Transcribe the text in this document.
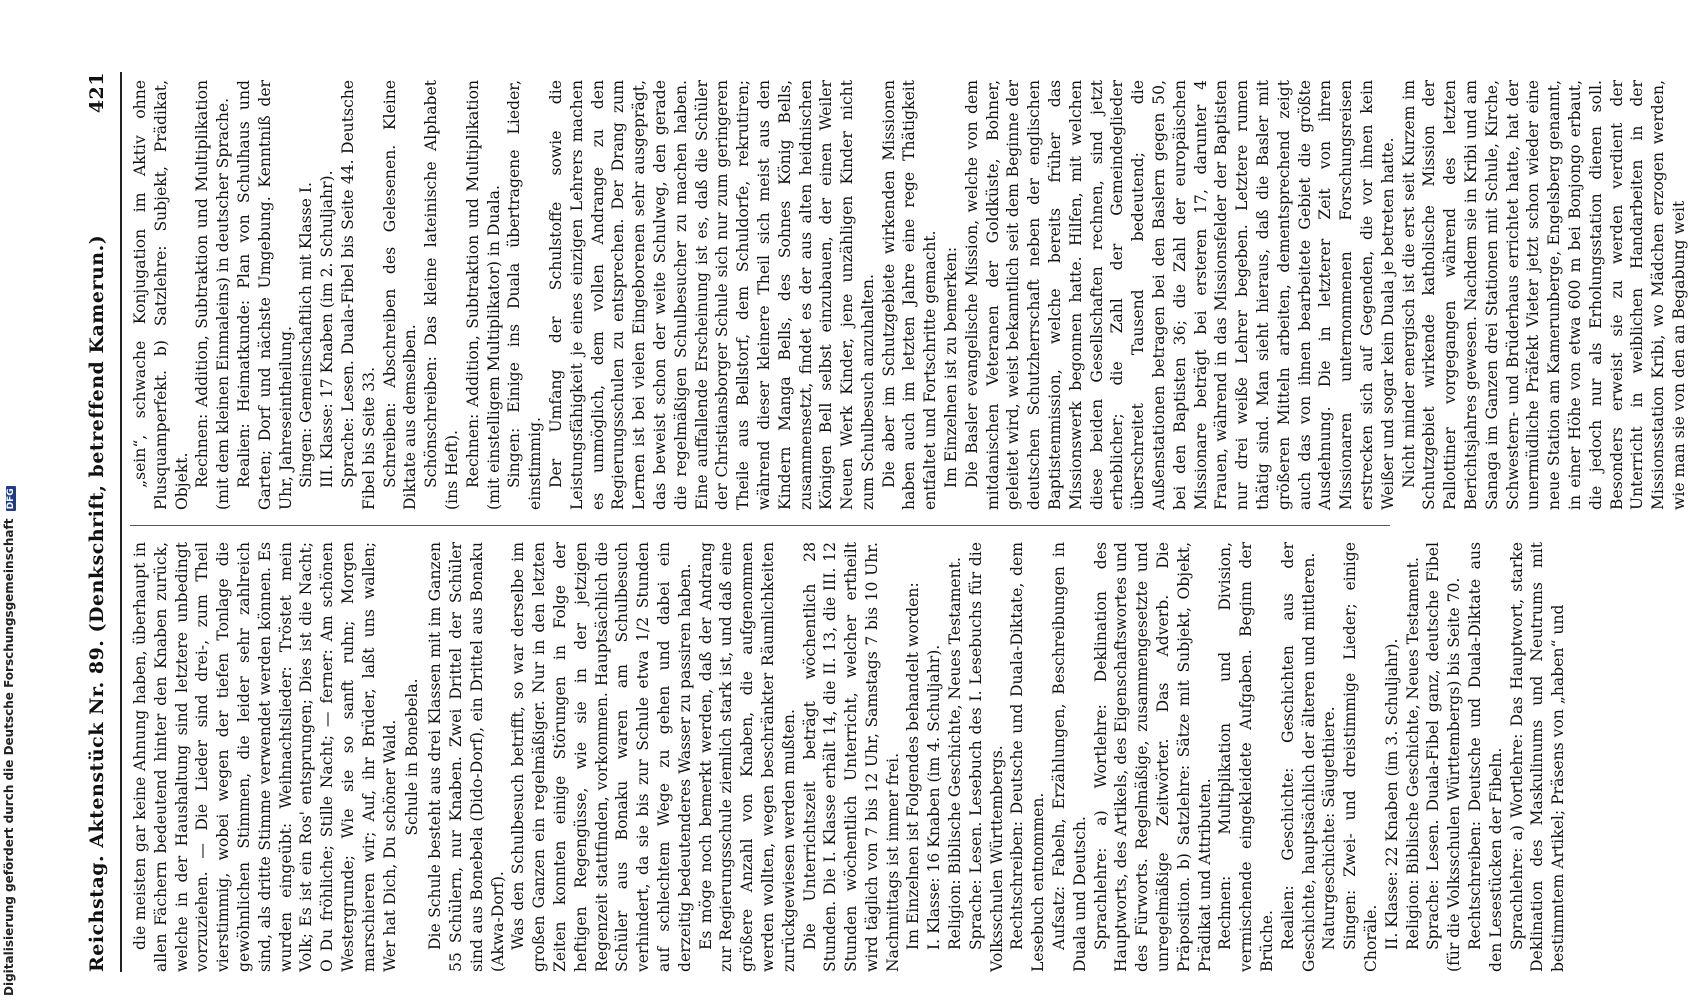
Reichstag. Aktenstück Nr. 89. (Denkschrift, betreffend Kamerun.)
421

die meisten gar keine Ahnung haben, überhaupt in allen Fächern bedeutend hinter den Knaben zurück, welche in der Haushaltung sind letztere unbedingt vorzuziehen. — Die Lieder sind drei-, zum Theil vierstimmig, wobei wegen der tiefen Tonlage die gewöhnlichen Stimmen, die leider sehr zahlreich sind, als dritte Stimme verwendet werden können. Es wurden eingeübt: Weihnachtslieder: Tröstet mein Volk; Es ist ein Ros' entsprungen; Dies ist die Nacht; O Du fröhliche; Stille Nacht; — ferner: Am schönen Westergrunde; Wie sie so sanft ruhn; Morgen marschieren wir; Auf, ihr Brüder, laßt uns wallen; Wer hat Dich, Du schöner Wald. Schule in Bonebela. Die Schule besteht aus drei Klassen mit im Ganzen 55 Schülern, nur Knaben. Zwei Drittel der Schüler sind aus Bonebela (Dido-Dorf), ein Drittel aus Bonaku (Akwa-Dorf). Was den Schulbesuch betrifft, so war derselbe im großen Ganzen ein regelmäßiger. Nur in den letzten Zeiten konnten einige Störungen in Folge der heftigen Regengüsse, wie sie in der jetzigen Regenzeit stattfinden, vorkommen. Hauptsächlich die Schüler aus Bonaku waren am Schulbesuch verhindert, da sie bis zur Schule etwa 1/2 Stunden auf schlechtem Wege zu gehen und dabei ein derzeitig bedeutenderes Wasser zu passiren haben. Es möge noch bemerkt werden, daß der Andrang zur Regierungsschule ziemlich stark ist, und daß eine größere Anzahl von Knaben, die aufgenommen werden wollten, wegen beschränkter Räumlichkeiten zurückgewiesen werden mußten. Die Unterrichtszeit beträgt wöchentlich 28 Stunden. Die I. Klasse erhält 14, die II. 13, die III. 12 Stunden wöchentlich Unterricht, welcher ertheilt wird täglich von 7 bis 12 Uhr, Samstags 7 bis 10 Uhr. Nachmittags ist immer frei. Im Einzelnen ist Folgendes behandelt worden: I. Klasse: 16 Knaben (im 4. Schuljahr). Religion: Biblische Geschichte, Neues Testament. Sprache: Lesen. Lesebuch des I. Lesebuchs für die Volksschulen Württembergs. Rechtschreiben: Deutsche und Duala-Diktate, dem Lesebuch entnommen. Aufsatz: Fabeln, Erzählungen, Beschreibungen in Duala und Deutsch. Sprachlehre: a) Wortlehre: Deklination des Hauptworts, des Artikels, des Eigenschaftswortes und des Fürworts. Regelmäßige, zusammengesetzte und unregelmäßige Zeitwörter. Das Adverb. Die Präposition. b) Satzlehre: Sätze mit Subjekt, Objekt, Prädikat und Attributen. Rechnen: Multiplikation und Division, vermischende eingekleidete Aufgaben. Beginn der Brüche. Realien: Geschichte: Geschichten aus der Geschichte, hauptsächlich der älteren und mittleren. Naturgeschichte: Säugethiere. Singen: Zwei- und dreistimmige Lieder; einige Choräle. II. Klasse: 22 Knaben (im 3. Schuljahr). Religion: Biblische Geschichte, Neues Testament. Sprache: Lesen. Duala-Fibel ganz, deutsche Fibel (für die Volksschulen Württembergs) bis Seite 70. Rechtschreiben: Deutsche und Duala-Diktate aus den Lesestücken der Fibeln. Sprachlehre: a) Wortlehre: Das Hauptwort, starke Deklination des Maskulinums und Neutrums mit bestimmtem Artikel; Präsens von „haben“ und

„sein“, schwache Konjugation im Aktiv ohne Plusquamperfekt. b) Satzlehre: Subjekt, Prädikat, Objekt. Rechnen: Addition, Subtraktion und Multiplikation (mit dem kleinen Einmaleins) in deutscher Sprache. Realien: Heimatkunde: Plan von Schulhaus und Garten; Dorf und nächste Umgebung. Kenntniß der Uhr, Jahreseintheilung. Singen: Gemeinschaftlich mit Klasse I. III. Klasse: 17 Knaben (im 2. Schuljahr). Sprache: Lesen. Duala-Fibel bis Seite 44. Deutsche Fibel bis Seite 33. Schreiben: Abschreiben des Gelesenen. Kleine Diktate aus demselben. Schönschreiben: Das kleine lateinische Alphabet (ins Heft). Rechnen: Addition, Subtraktion und Multiplikation (mit einstelligem Multiplikator) in Duala. Singen: Einige ins Duala übertragene Lieder, einstimmig. Der Umfang der Schulstoffe sowie die Leistungsfähigkeit je eines einzigen Lehrers machen es unmöglich, dem vollen Andrange zu den Regierungsschulen zu entsprechen. Der Drang zum Lernen ist bei vielen Eingeborenen sehr ausgeprägt, das beweist schon der weite Schulweg, den gerade die regelmäßigen Schulbesucher zu machen haben. Eine auffallende Erscheinung ist es, daß die Schüler der Christiansborger Schule sich nur zum geringeren Theile aus Bellstorf, dem Schuldorfe, rekrutiren; während dieser kleinere Theil sich meist aus den Kindern Manga Bells, des Sohnes König Bells, zusammensetzt, findet es der aus alten heidnischen Königen Bell selbst einzubauen, der einen Weiler Neuen Werk Kinder, jene unzähligen Kinder nicht zum Schulbesuch anzuhalten. Die aber im Schutzgebiete wirkenden Missionen haben auch im letzten Jahre eine rege Thätigkeit entfaltet und Fortschritte gemacht. Im Einzelnen ist zu bemerken: Die Basler evangelische Mission, welche von dem mitdanischen Veteranen der Goldküste, Bohner, geleitet wird, weist bekanntlich seit dem Beginne der deutschen Schutzherrschaft neben der englischen Baptistenmission, welche bereits früher das Missionswerk begonnen hatte. Hilfen, mit welchen diese beiden Gesellschaften rechnen, sind jetzt erheblicher; die Zahl der Gemeindeglieder überschreitet Tausend bedeutend; die Außenstationen betragen bei den Baslern gegen 50, bei den Baptisten 36; die Zahl der europäischen Missionare beträgt bei ersteren 17, darunter 4 Frauen, während in das Missionsfelder der Baptisten nur drei weiße Lehrer begeben. Letztere rumen thätig sind. Man sieht hieraus, daß die Basler mit größeren Mitteln arbeiten, dementsprechend zeigt auch das von ihnen bearbeitete Gebiet die größte Ausdehnung. Die in letzterer Zeit von ihren Missionaren unternommenen Forschungsreisen erstrecken sich auf Gegenden, die vor ihnen kein Weißer und sogar kein Duala je betreten hatte. Nicht minder energisch ist die erst seit Kurzem im Schutzgebiet wirkende katholische Mission der Pallottiner vorgegangen während des letzten Berichtsjahres gewesen. Nachdem sie in Kribi und am Sanaga im Ganzen drei Stationen mit Schule, Kirche, Schwestern- und Brüderhaus errichtet hatte, hat der unermüdliche Präfekt Vieter jetzt schon wieder eine neue Station am Kamerunberge, Engelsberg genannt, in einer Höhe von etwa 600 m bei Bonjongo erbaut, die jedoch nur als Erholungsstation dienen soll. Besonders erweist sie zu werden verdient der Unterricht in weiblichen Handarbeiten in der Missionsstation Kribi, wo Mädchen erzogen werden, wie man sie von den an Begabung weit

Digitalisierung gefördert durch die Deutsche Forschungsgemeinschaft DFG
